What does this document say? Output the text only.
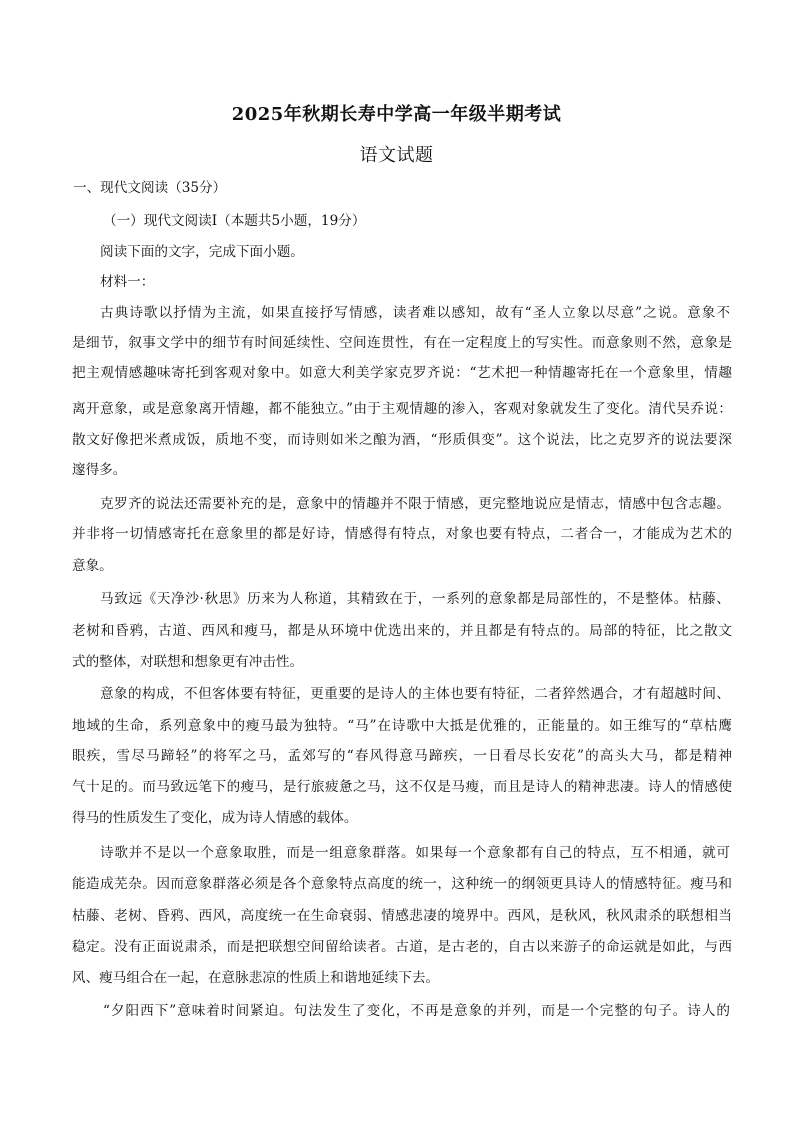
2025年秋期长寿中学高一年级半期考试
语文试题
一、现代文阅读（35分）
（一）现代文阅读Ⅰ（本题共5小题，19分）
阅读下面的文字，完成下面小题。
材料一：
古典诗歌以抒情为主流，如果直接抒写情感，读者难以感知，故有“圣人立象以尽意”之说。意象不
是细节，叙事文学中的细节有时间延续性、空间连贯性，有在一定程度上的写实性。而意象则不然，意象是
把主观情感趣味寄托到客观对象中。如意大利美学家克罗齐说：“艺术把一种情趣寄托在一个意象里，情趣
离开意象，或是意象离开情趣，都不能独立。”由于主观情趣的渗入，客观对象就发生了变化。清代吴乔说：
散文好像把米煮成饭，质地不变，而诗则如米之酿为酒，“形质俱变”。这个说法，比之克罗齐的说法要深
邃得多。
克罗齐的说法还需要补充的是，意象中的情趣并不限于情感，更完整地说应是情志，情感中包含志趣。
并非将一切情感寄托在意象里的都是好诗，情感得有特点，对象也要有特点，二者合一，才能成为艺术的
意象。
马致远《天净沙·秋思》历来为人称道，其精致在于，一系列的意象都是局部性的，不是整体。枯藤、
老树和昏鸦，古道、西风和瘦马，都是从环境中优选出来的，并且都是有特点的。局部的特征，比之散文
式的整体，对联想和想象更有冲击性。
意象的构成，不但客体要有特征，更重要的是诗人的主体也要有特征，二者猝然遇合，才有超越时间、
地域的生命，系列意象中的瘦马最为独特。“马”在诗歌中大抵是优雅的，正能量的。如王维写的“草枯鹰
眼疾，雪尽马蹄轻”的将军之马，孟郊写的“春风得意马蹄疾，一日看尽长安花”的高头大马，都是精神
气十足的。而马致远笔下的瘦马，是行旅疲惫之马，这不仅是马瘦，而且是诗人的精神悲凄。诗人的情感使
得马的性质发生了变化，成为诗人情感的载体。
诗歌并不是以一个意象取胜，而是一组意象群落。如果每一个意象都有自己的特点，互不相通，就可
能造成芜杂。因而意象群落必须是各个意象特点高度的统一，这种统一的纲领更具诗人的情感特征。瘦马和
枯藤、老树、昏鸦、西风，高度统一在生命衰弱、情感悲凄的境界中。西风，是秋风，秋风肃杀的联想相当
稳定。没有正面说肃杀，而是把联想空间留给读者。古道，是古老的，自古以来游子的命运就是如此，与西
风、瘦马组合在一起，在意脉悲凉的性质上和谐地延续下去。
“夕阳西下”意味着时间紧迫。句法发生了变化，不再是意象的并列，而是一个完整的句子。诗人的
